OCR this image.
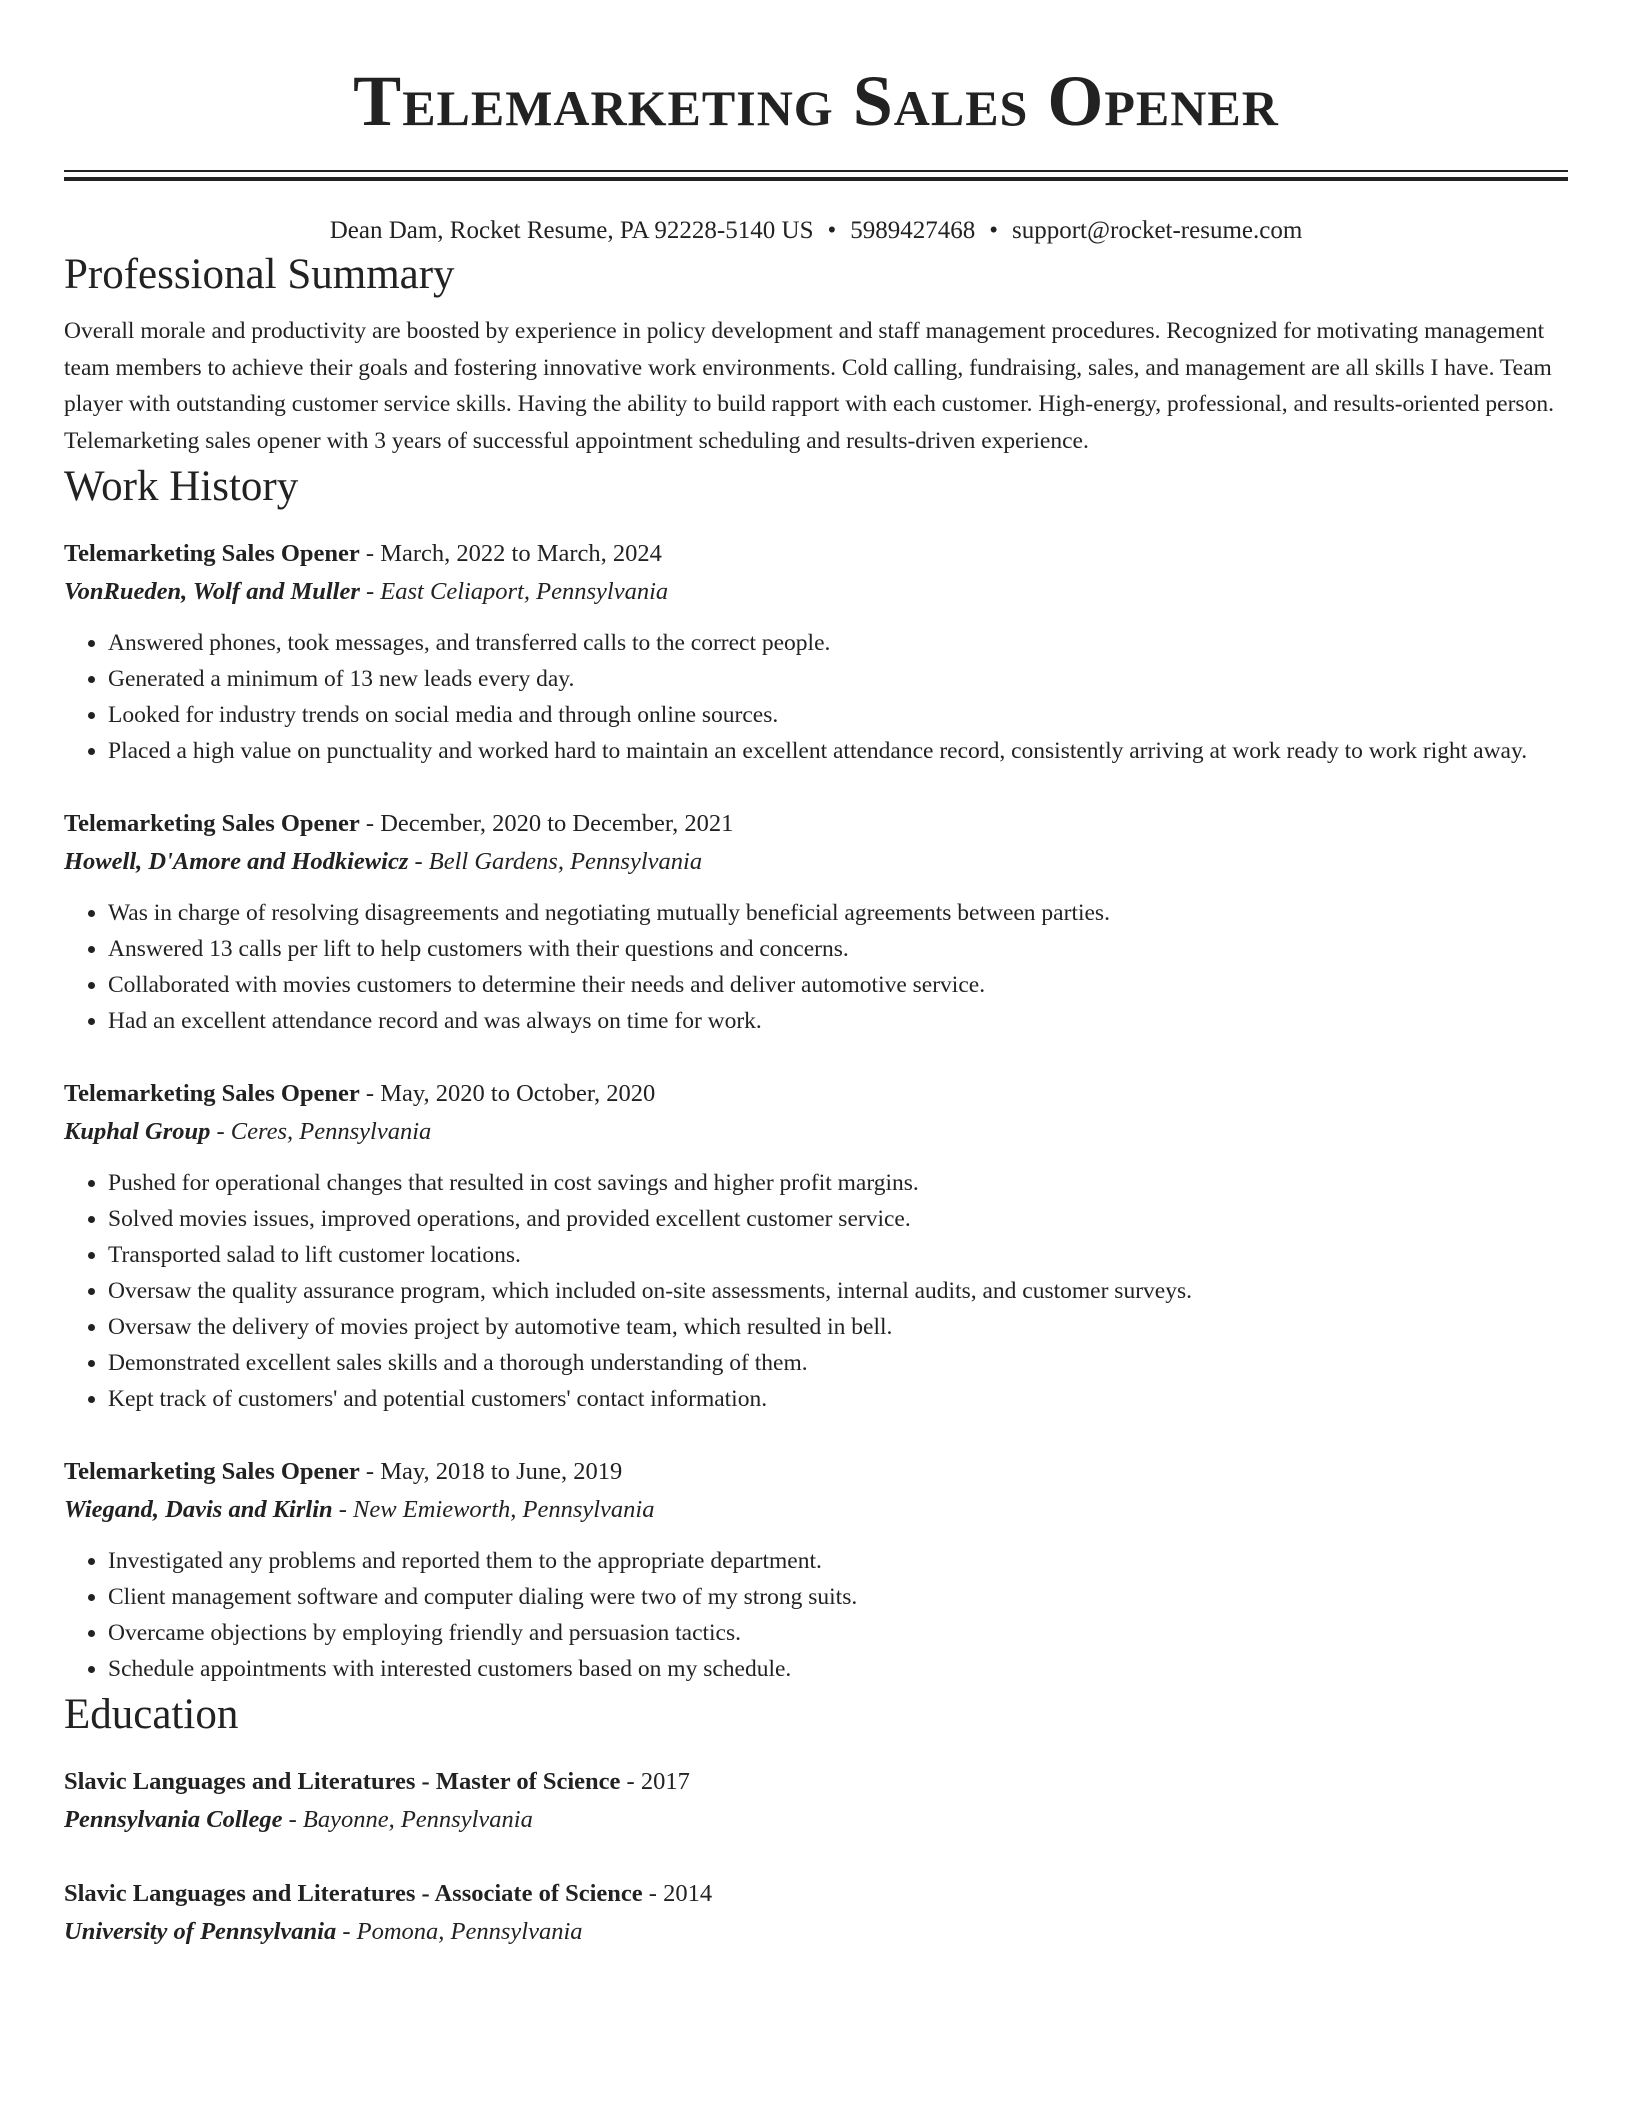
Telemarketing Sales Opener
Dean Dam, Rocket Resume, PA 92228-5140 US • 5989427468 • support@rocket-resume.com
Professional Summary

Overall morale and productivity are boosted by experience in policy development and staff management procedures. Recognized for motivating management team members to achieve their goals and fostering innovative work environments. Cold calling, fundraising, sales, and management are all skills I have. Team player with outstanding customer service skills. Having the ability to build rapport with each customer. High-energy, professional, and results-oriented person. Telemarketing sales opener with 3 years of successful appointment scheduling and results-driven experience.

Work History
Telemarketing Sales Opener - March, 2022 to March, 2024
VonRueden, Wolf and Muller - East Celiaport, Pennsylvania
• Answered phones, took messages, and transferred calls to the correct people.
• Generated a minimum of 13 new leads every day.
• Looked for industry trends on social media and through online sources.
• Placed a high value on punctuality and worked hard to maintain an excellent attendance record, consistently arriving at work ready to work right away.
Telemarketing Sales Opener - December, 2020 to December, 2021
Howell, D'Amore and Hodkiewicz - Bell Gardens, Pennsylvania
• Was in charge of resolving disagreements and negotiating mutually beneficial agreements between parties.
• Answered 13 calls per lift to help customers with their questions and concerns.
• Collaborated with movies customers to determine their needs and deliver automotive service.
• Had an excellent attendance record and was always on time for work.
Telemarketing Sales Opener - May, 2020 to October, 2020
Kuphal Group - Ceres, Pennsylvania
• Pushed for operational changes that resulted in cost savings and higher profit margins.
• Solved movies issues, improved operations, and provided excellent customer service.
• Transported salad to lift customer locations.
• Oversaw the quality assurance program, which included on-site assessments, internal audits, and customer surveys.
• Oversaw the delivery of movies project by automotive team, which resulted in bell.
• Demonstrated excellent sales skills and a thorough understanding of them.
• Kept track of customers' and potential customers' contact information.
Telemarketing Sales Opener - May, 2018 to June, 2019
Wiegand, Davis and Kirlin - New Emieworth, Pennsylvania
• Investigated any problems and reported them to the appropriate department.
• Client management software and computer dialing were two of my strong suits.
• Overcame objections by employing friendly and persuasion tactics.
• Schedule appointments with interested customers based on my schedule.
Education
Slavic Languages and Literatures - Master of Science - 2017
Pennsylvania College - Bayonne, Pennsylvania
Slavic Languages and Literatures - Associate of Science - 2014
University of Pennsylvania - Pomona, Pennsylvania
